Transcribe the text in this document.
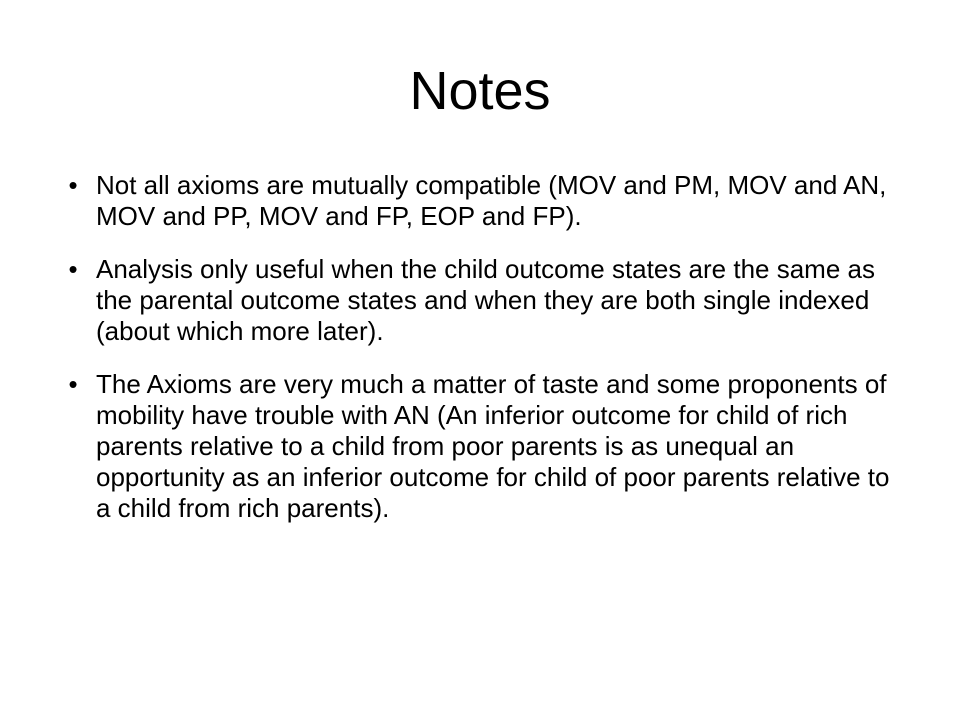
Notes
• Not all axioms are mutually compatible (MOV and PM, MOV and AN, MOV and PP, MOV and FP, EOP and FP).
• Analysis only useful when the child outcome states are the same as the parental outcome states and when they are both single indexed (about which more later).
• The Axioms are very much a matter of taste and some proponents of mobility have trouble with AN (An inferior outcome for child of rich parents relative to a child from poor parents is as unequal an opportunity as an inferior outcome for child of poor parents relative to a child from rich parents).
